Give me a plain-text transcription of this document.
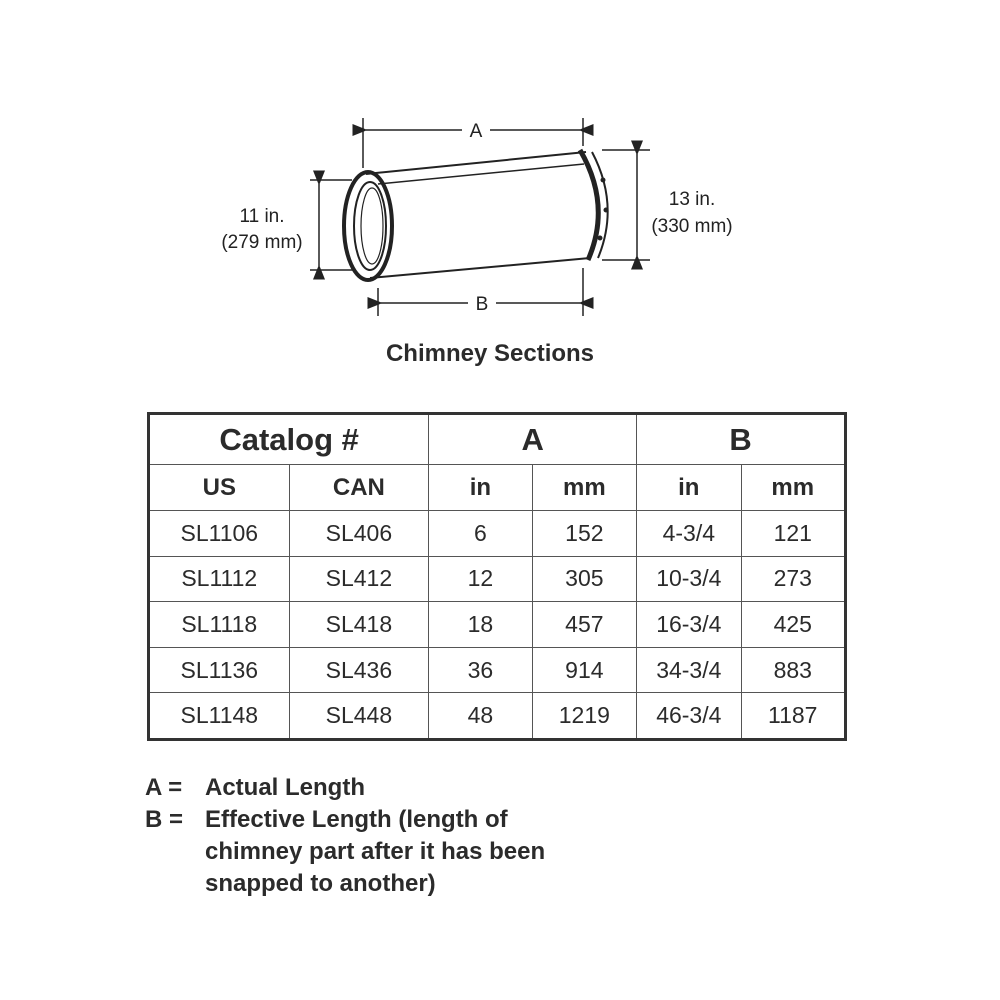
A
B
11 in.
(279 mm)
13 in.
(330 mm)
Chimney Sections
Catalog #		A		B	
US	CAN	in	mm	in	mm
SL1106	SL406	6	152	4-3/4	121
SL1112	SL412	12	305	10-3/4	273
SL1118	SL418	18	457	16-3/4	425
SL1136	SL436	36	914	34-3/4	883
SL1148	SL448	48	1219	46-3/4	1187
A = Actual Length
B = Effective Length (length of chimney part after it has been snapped to another)
